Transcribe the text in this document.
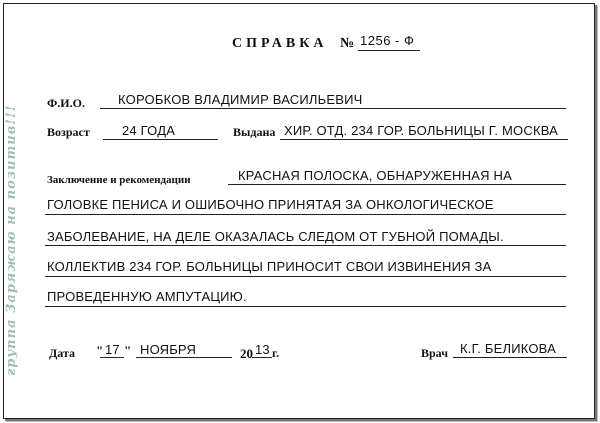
группа Заряжаю на позитив!!!
СПРАВКА № 1256 - Ф
Ф.И.О.	КОРОБКОВ ВЛАДИМИР ВАСИЛЬЕВИЧ
Возраст 24 ГОДА	Выдана ХИР. ОТД. 234 ГОР. БОЛЬНИЦЫ Г. МОСКВА
Заключение и рекомендации	КРАСНАЯ ПОЛОСКА, ОБНАРУЖЕННАЯ НА
ГОЛОВКЕ ПЕНИСА И ОШИБОЧНО ПРИНЯТАЯ ЗА ОНКОЛОГИЧЕСКОЕ
ЗАБОЛЕВАНИЕ, НА ДЕЛЕ ОКАЗАЛАСЬ СЛЕДОМ ОТ ГУБНОЙ ПОМАДЫ.
КОЛЛЕКТИВ 234 ГОР. БОЛЬНИЦЫ ПРИНОСИТ СВОИ ИЗВИНЕНИЯ ЗА
ПРОВЕДЕННУЮ АМПУТАЦИЮ.
Дата " 17 " НОЯБРЯ	20 13 г.	Врач К.Г. БЕЛИКОВА
